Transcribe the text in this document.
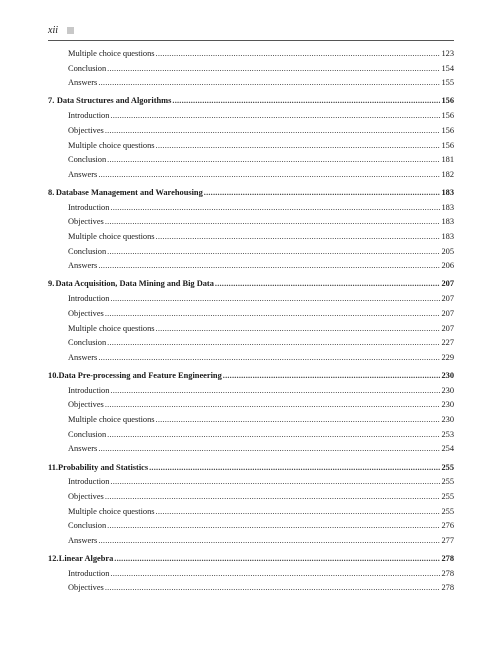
xii
Multiple choice questions .....	123
Conclusion .....	154
Answers .....	155
7. Data Structures and Algorithms .....	156
Introduction .....	156
Objectives .....	156
Multiple choice questions .....	156
Conclusion .....	181
Answers .....	182
8. Database Management and Warehousing .....	183
Introduction .....	183
Objectives .....	183
Multiple choice questions .....	183
Conclusion .....	205
Answers .....	206
9. Data Acquisition, Data Mining and Big Data .....	207
Introduction .....	207
Objectives .....	207
Multiple choice questions .....	207
Conclusion .....	227
Answers .....	229
10. Data Pre-processing and Feature Engineering .....	230
Introduction .....	230
Objectives .....	230
Multiple choice questions .....	230
Conclusion .....	253
Answers .....	254
11. Probability and Statistics .....	255
Introduction .....	255
Objectives .....	255
Multiple choice questions .....	255
Conclusion .....	276
Answers .....	277
12. Linear Algebra .....	278
Introduction .....	278
Objectives .....	278
